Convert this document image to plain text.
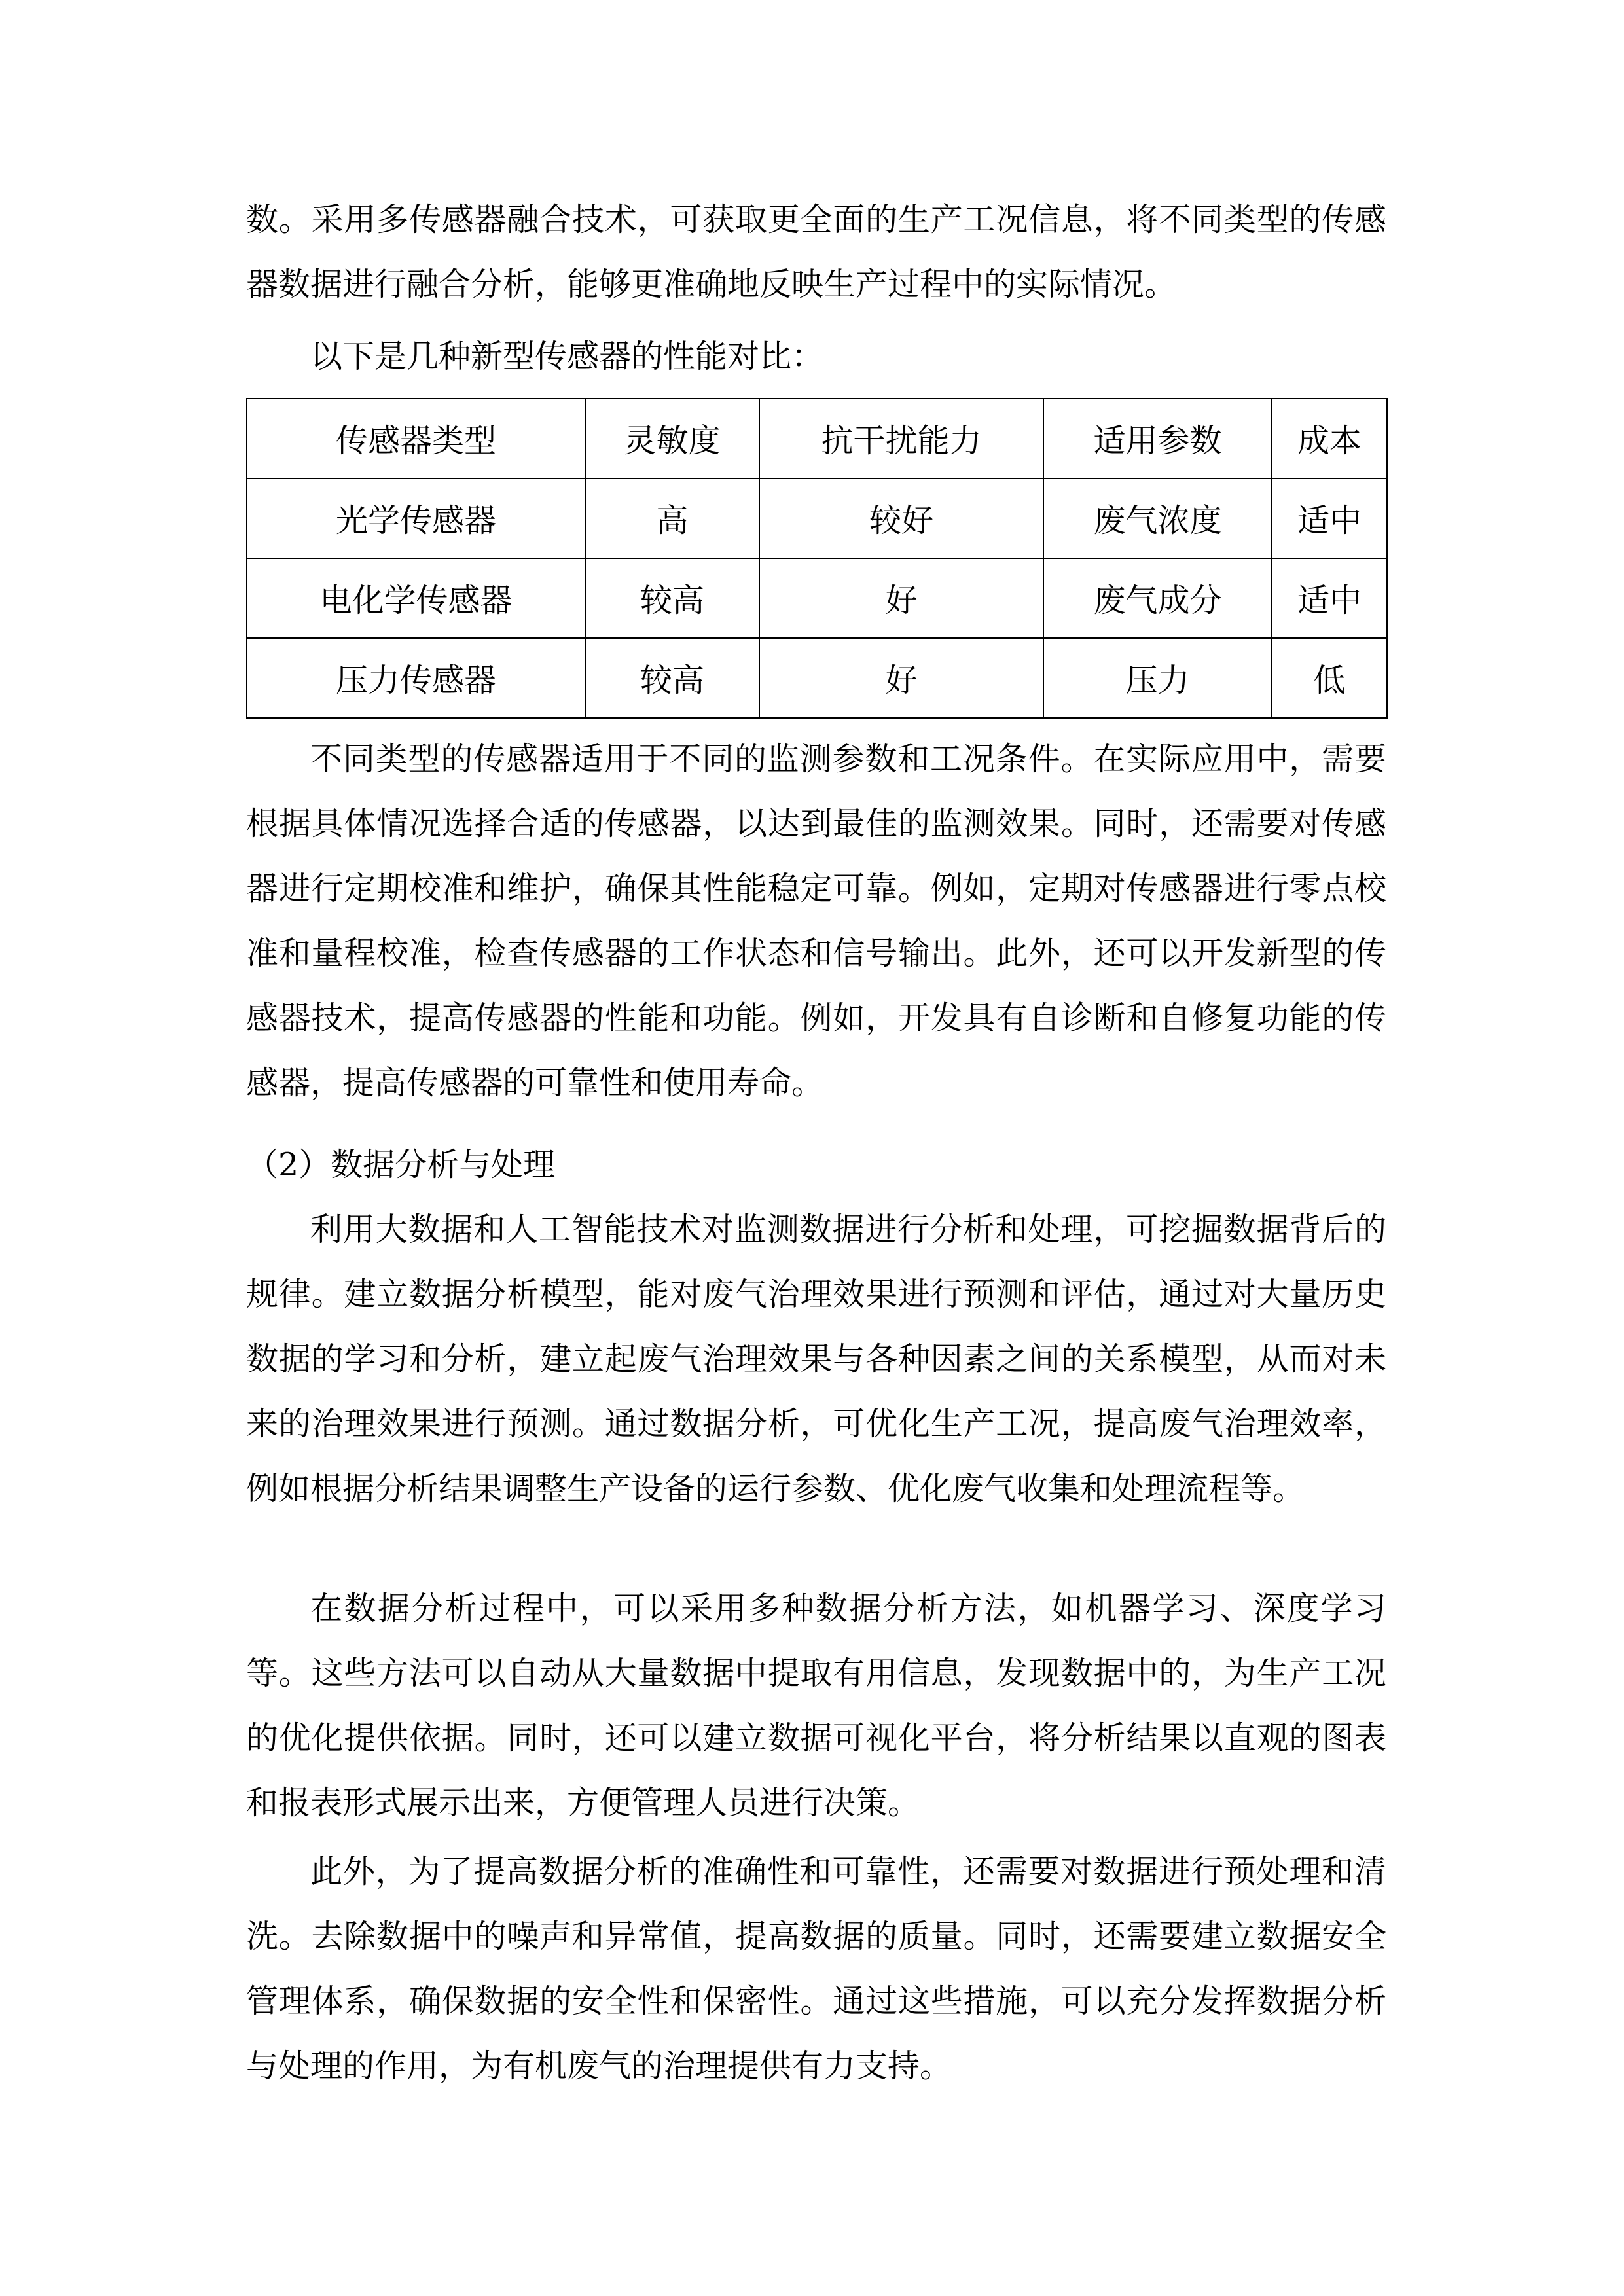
数。采用多传感器融合技术，可获取更全面的生产工况信息，将不同类型的传感器数据进行融合分析，能够更准确地反映生产过程中的实际情况。

以下是几种新型传感器的性能对比：

传感器类型	灵敏度	抗干扰能力	适用参数	成本
光学传感器	高	较好	废气浓度	适中
电化学传感器	较高	好	废气成分	适中
压力传感器	较高	好	压力	低

不同类型的传感器适用于不同的监测参数和工况条件。在实际应用中，需要根据具体情况选择合适的传感器，以达到最佳的监测效果。同时，还需要对传感器进行定期校准和维护，确保其性能稳定可靠。例如，定期对传感器进行零点校准和量程校准，检查传感器的工作状态和信号输出。此外，还可以开发新型的传感器技术，提高传感器的性能和功能。例如，开发具有自诊断和自修复功能的传感器，提高传感器的可靠性和使用寿命。

（2）数据分析与处理

利用大数据和人工智能技术对监测数据进行分析和处理，可挖掘数据背后的规律。建立数据分析模型，能对废气治理效果进行预测和评估，通过对大量历史数据的学习和分析，建立起废气治理效果与各种因素之间的关系模型，从而对未来的治理效果进行预测。通过数据分析，可优化生产工况，提高废气治理效率，例如根据分析结果调整生产设备的运行参数、优化废气收集和处理流程等。

在数据分析过程中，可以采用多种数据分析方法，如机器学习、深度学习等。这些方法可以自动从大量数据中提取有用信息，发现数据中的，为生产工况的优化提供依据。同时，还可以建立数据可视化平台，将分析结果以直观的图表和报表形式展示出来，方便管理人员进行决策。

此外，为了提高数据分析的准确性和可靠性，还需要对数据进行预处理和清洗。去除数据中的噪声和异常值，提高数据的质量。同时，还需要建立数据安全管理体系，确保数据的安全性和保密性。通过这些措施，可以充分发挥数据分析与处理的作用，为有机废气的治理提供有力支持。
